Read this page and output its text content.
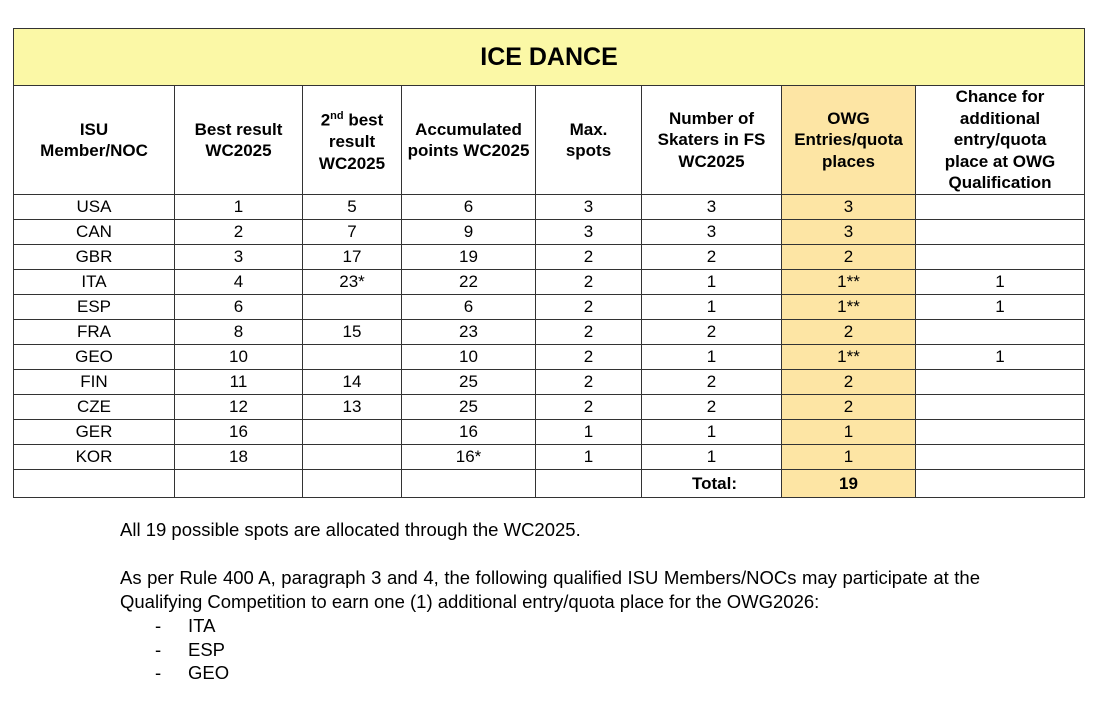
ICE DANCE							
ISU Member/NOC	Best result WC2025	2nd best result WC2025	Accumulated points WC2025	Max. spots	Number of Skaters in FS WC2025	OWG Entries/quota places	Chance for additional entry/quota place at OWG Qualification
USA	1	5	6	3	3	3	
CAN	2	7	9	3	3	3	
GBR	3	17	19	2	2	2	
ITA	4	23*	22	2	1	1**	1
ESP	6		6	2	1	1**	1
FRA	8	15	23	2	2	2	
GEO	10		10	2	1	1**	1
FIN	11	14	25	2	2	2	
CZE	12	13	25	2	2	2	
GER	16		16	1	1	1	
KOR	18		16*	1	1	1	
					Total:	19	

All 19 possible spots are allocated through the WC2025.

As per Rule 400 A, paragraph 3 and 4, the following qualified ISU Members/NOCs may participate at the Qualifying Competition to earn one (1) additional entry/quota place for the OWG2026:

- ITA
- ESP
- GEO
